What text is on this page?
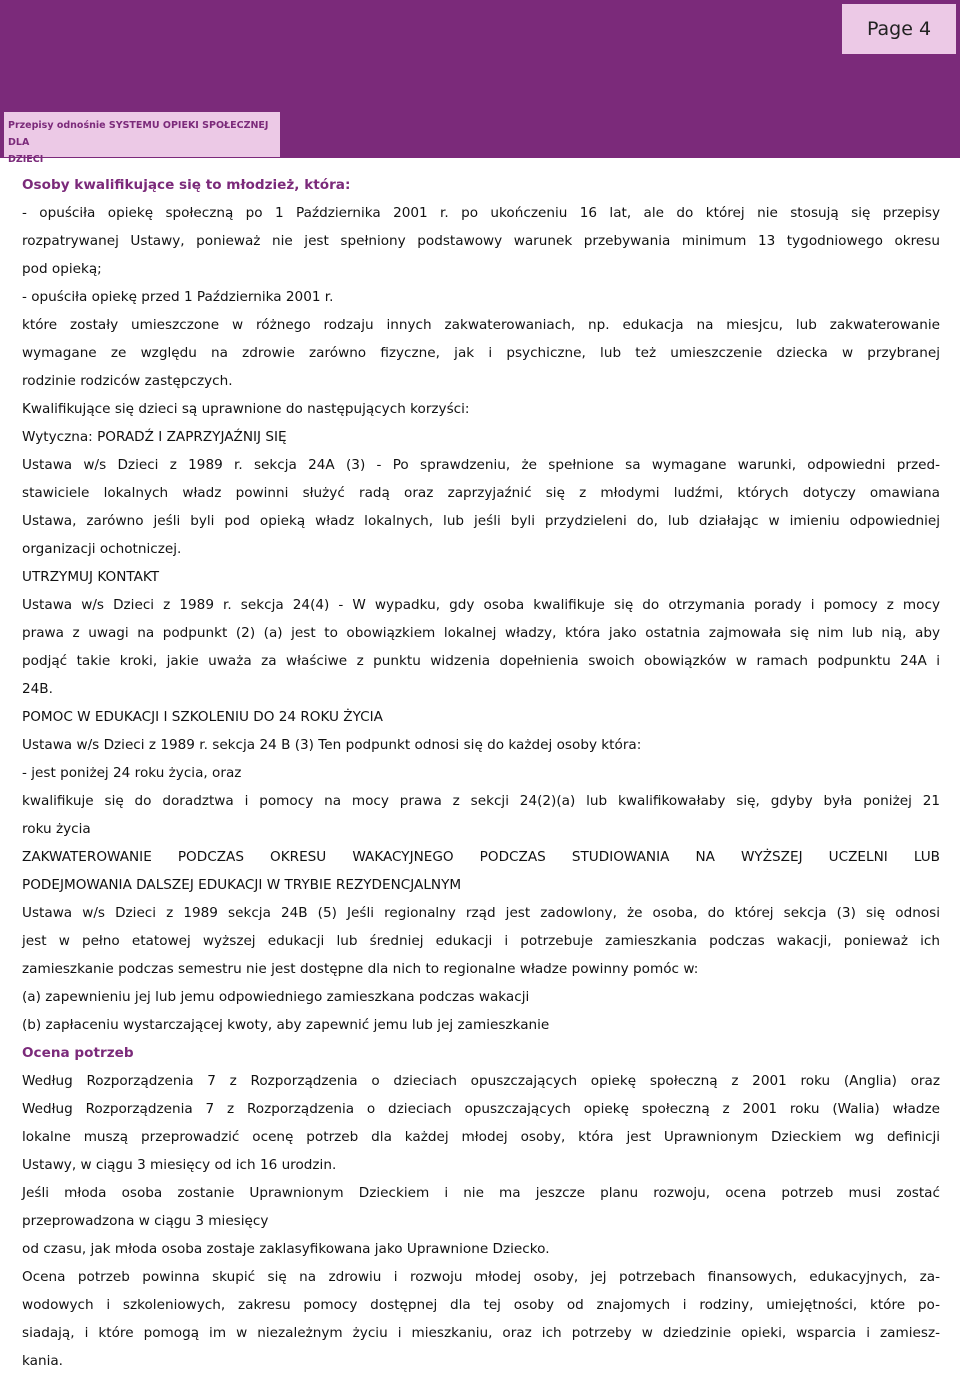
Page 4
Przepisy odnośnie SYSTEMU OPIEKI SPOŁECZNEJ DLA
DZIECI
Osoby kwalifikujące się to młodzież, która:
- opuściła opiekę społeczną po 1 Października 2001 r. po ukończeniu 16 lat, ale do której nie stosują się przepisy
rozpatrywanej Ustawy, ponieważ nie jest spełniony podstawowy warunek przebywania minimum 13 tygodniowego okresu
pod opieką;
- opuściła opiekę przed 1 Października 2001 r.
które zostały umieszczone w różnego rodzaju innych zakwaterowaniach, np. edukacja na miesjcu, lub zakwaterowanie
wymagane ze względu na zdrowie zarówno fizyczne, jak i psychiczne, lub też umieszczenie dziecka w przybranej
rodzinie rodziców zastępczych.
Kwalifikujące się dzieci są uprawnione do następujących korzyści:
Wytyczna: PORADŹ I ZAPRZYJAŹNIJ SIĘ
Ustawa w/s Dzieci z 1989 r. sekcja 24A (3) - Po sprawdzeniu, że spełnione sa wymagane warunki, odpowiedni przed-
stawiciele lokalnych władz powinni służyć radą oraz zaprzyjaźnić się z młodymi ludźmi, których dotyczy omawiana
Ustawa, zarówno jeśli byli pod opieką władz lokalnych, lub jeśli byli przydzieleni do, lub działając w imieniu odpowiedniej
organizacji ochotniczej.
UTRZYMUJ KONTAKT
Ustawa w/s Dzieci z 1989 r. sekcja 24(4) - W wypadku, gdy osoba kwalifikuje się do otrzymania porady i pomocy z mocy
prawa z uwagi na podpunkt (2) (a) jest to obowiązkiem lokalnej władzy, która jako ostatnia zajmowała się nim lub nią, aby
podjąć takie kroki, jakie uważa za właściwe z punktu widzenia dopełnienia swoich obowiązków w ramach podpunktu 24A i
24B.
POMOC W EDUKACJI I SZKOLENIU DO 24 ROKU ŻYCIA
Ustawa w/s Dzieci z 1989 r. sekcja 24 B (3) Ten podpunkt odnosi się do każdej osoby która:
- jest poniżej 24 roku życia, oraz
kwalifikuje się do doradztwa i pomocy na mocy prawa z sekcji 24(2)(a) lub kwalifikowałaby się, gdyby była poniżej 21
roku życia
ZAKWATEROWANIE PODCZAS OKRESU WAKACYJNEGO PODCZAS STUDIOWANIA NA WYŻSZEJ UCZELNI LUB
PODEJMOWANIA DALSZEJ EDUKACJI W TRYBIE REZYDENCJALNYM
Ustawa w/s Dzieci z 1989 sekcja 24B (5) Jeśli regionalny rząd jest zadowlony, że osoba, do której sekcja (3) się odnosi
jest w pełno etatowej wyższej edukacji lub średniej edukacji i potrzebuje zamieszkania podczas wakacji, ponieważ ich
zamieszkanie podczas semestru nie jest dostępne dla nich to regionalne władze powinny pomóc w:
(a) zapewnieniu jej lub jemu odpowiedniego zamieszkana podczas wakacji
(b) zapłaceniu wystarczającej kwoty, aby zapewnić jemu lub jej zamieszkanie
Ocena potrzeb
Według Rozporządzenia 7 z Rozporządzenia o dzieciach opuszczających opiekę społeczną z 2001 roku (Anglia) oraz
Według Rozporządzenia 7 z Rozporządzenia o dzieciach opuszczających opiekę społeczną z 2001 roku (Walia) władze
lokalne muszą przeprowadzić ocenę potrzeb dla każdej młodej osoby, która jest Uprawnionym Dzieckiem wg definicji
Ustawy, w ciągu 3 miesięcy od ich 16 urodzin.
Jeśli młoda osoba zostanie Uprawnionym Dzieckiem i nie ma jeszcze planu rozwoju, ocena potrzeb musi zostać
przeprowadzona w ciągu 3 miesięcy
od czasu, jak młoda osoba zostaje zaklasyfikowana jako Uprawnione Dziecko.
Ocena potrzeb powinna skupić się na zdrowiu i rozwoju młodej osoby, jej potrzebach finansowych, edukacyjnych, za-
wodowych i szkoleniowych, zakresu pomocy dostępnej dla tej osoby od znajomych i rodziny, umiejętności, które po-
siadają, i które pomogą im w niezależnym życiu i mieszkaniu, oraz ich potrzeby w dziedzinie opieki, wsparcia i zamiesz-
kania.
